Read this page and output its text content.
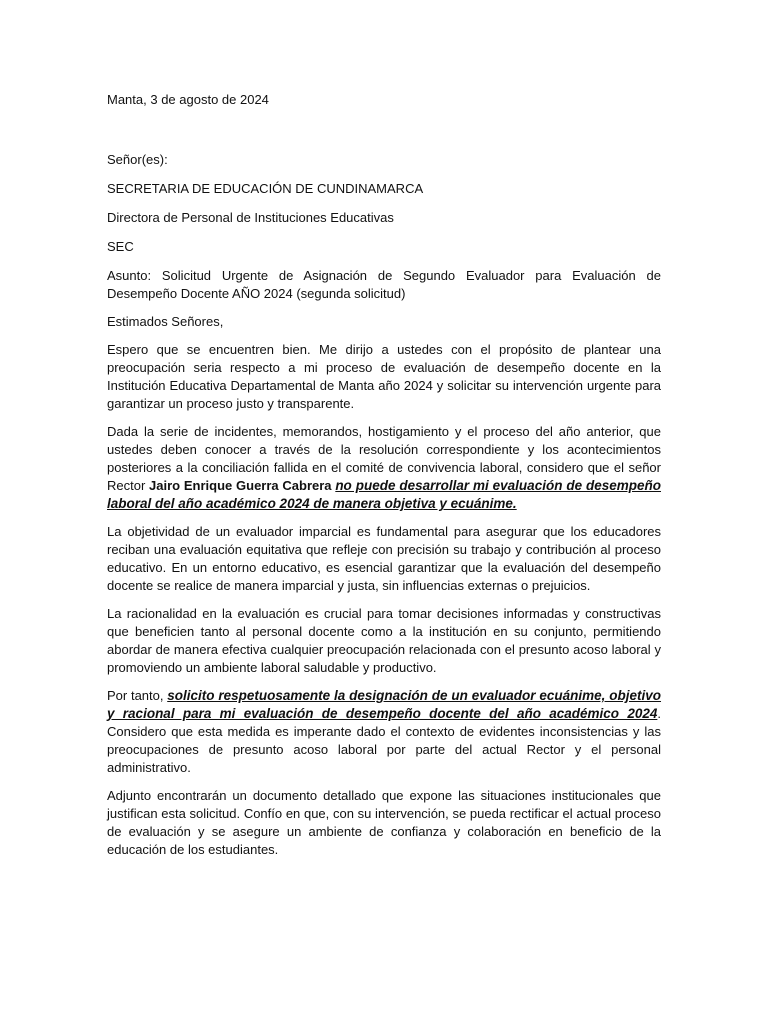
Manta, 3 de agosto de 2024

Señor(es):

SECRETARIA DE EDUCACIÓN DE CUNDINAMARCA

Directora de Personal de Instituciones Educativas

SEC

Asunto: Solicitud Urgente de Asignación de Segundo Evaluador para Evaluación de Desempeño Docente AÑO 2024 (segunda solicitud)

Estimados Señores,

Espero que se encuentren bien. Me dirijo a ustedes con el propósito de plantear una preocupación seria respecto a mi proceso de evaluación de desempeño docente en la Institución Educativa Departamental de Manta año 2024 y solicitar su intervención urgente para garantizar un proceso justo y transparente.

Dada la serie de incidentes, memorandos, hostigamiento y el proceso del año anterior, que ustedes deben conocer a través de la resolución correspondiente y los acontecimientos posteriores a la conciliación fallida en el comité de convivencia laboral, considero que el señor Rector Jairo Enrique Guerra Cabrera no puede desarrollar mi evaluación de desempeño laboral del año académico 2024 de manera objetiva y ecuánime.

La objetividad de un evaluador imparcial es fundamental para asegurar que los educadores reciban una evaluación equitativa que refleje con precisión su trabajo y contribución al proceso educativo. En un entorno educativo, es esencial garantizar que la evaluación del desempeño docente se realice de manera imparcial y justa, sin influencias externas o prejuicios.

La racionalidad en la evaluación es crucial para tomar decisiones informadas y constructivas que beneficien tanto al personal docente como a la institución en su conjunto, permitiendo abordar de manera efectiva cualquier preocupación relacionada con el presunto acoso laboral y promoviendo un ambiente laboral saludable y productivo.

Por tanto, solicito respetuosamente la designación de un evaluador ecuánime, objetivo y racional para mi evaluación de desempeño docente del año académico 2024. Considero que esta medida es imperante dado el contexto de evidentes inconsistencias y las preocupaciones de presunto acoso laboral por parte del actual Rector y el personal administrativo.

Adjunto encontrarán un documento detallado que expone las situaciones institucionales que justifican esta solicitud. Confío en que, con su intervención, se pueda rectificar el actual proceso de evaluación y se asegure un ambiente de confianza y colaboración en beneficio de la educación de los estudiantes.
